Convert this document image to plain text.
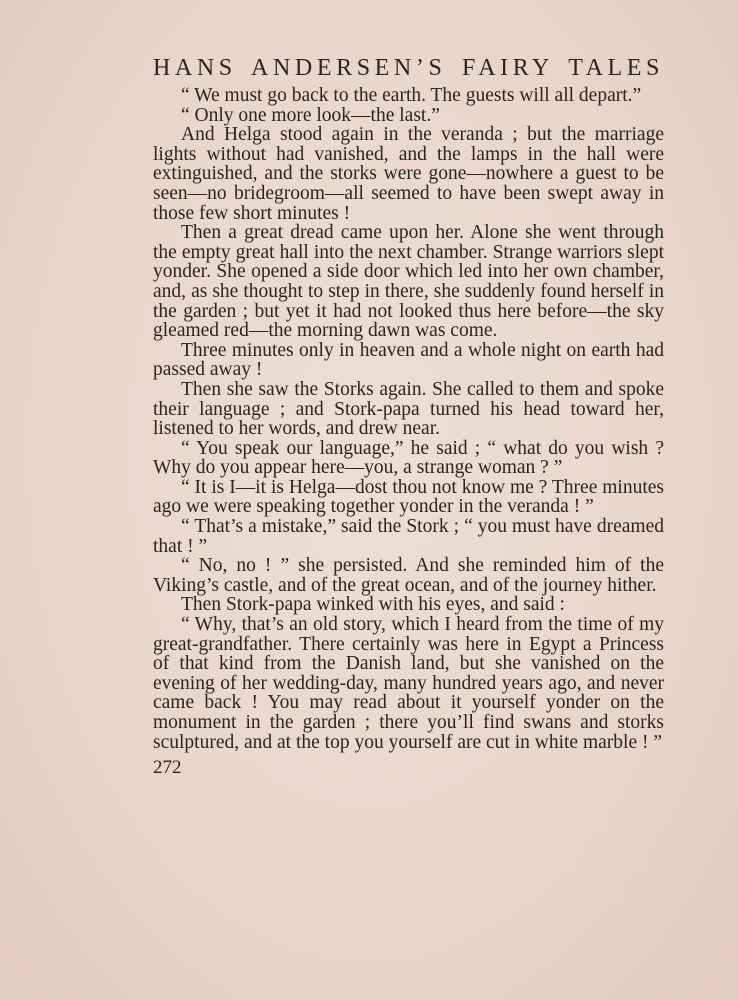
HANS ANDERSEN’S FAIRY TALES

“ We must go back to the earth. The guests will all depart.”

“ Only one more look—the last.”

And Helga stood again in the veranda ; but the marriage lights without had vanished, and the lamps in the hall were extinguished, and the storks were gone—nowhere a guest to be seen—no bridegroom—all seemed to have been swept away in those few short minutes !

Then a great dread came upon her. Alone she went through the empty great hall into the next chamber. Strange warriors slept yonder. She opened a side door which led into her own chamber, and, as she thought to step in there, she suddenly found herself in the garden ; but yet it had not looked thus here before—the sky gleamed red—the morning dawn was come.

Three minutes only in heaven and a whole night on earth had passed away !

Then she saw the Storks again. She called to them and spoke their language ; and Stork-papa turned his head toward her, listened to her words, and drew near.

“ You speak our language,” he said ; “ what do you wish ? Why do you appear here—you, a strange woman ? ”

“ It is I—it is Helga—dost thou not know me ? Three minutes ago we were speaking together yonder in the veranda ! ”

“ That’s a mistake,” said the Stork ; “ you must have dreamed that ! ”

“ No, no ! ” she persisted. And she reminded him of the Viking’s castle, and of the great ocean, and of the journey hither.

Then Stork-papa winked with his eyes, and said :

“ Why, that’s an old story, which I heard from the time of my great-grandfather. There certainly was here in Egypt a Princess of that kind from the Danish land, but she vanished on the evening of her wedding-day, many hundred years ago, and never came back ! You may read about it yourself yonder on the monument in the garden ; there you’ll find swans and storks sculptured, and at the top you yourself are cut in white marble ! ”

272
